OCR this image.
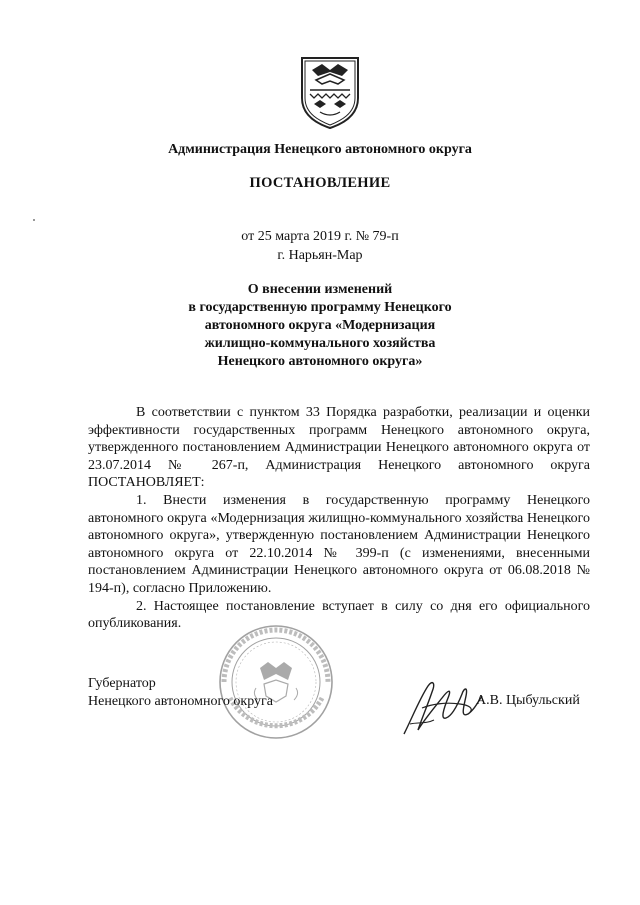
Администрация Ненецкого автономного округа
ПОСТАНОВЛЕНИЕ
от 25 марта 2019 г. № 79-п
г. Нарьян-Мар
О внесении изменений
в государственную программу Ненецкого
автономного округа «Модернизация
жилищно-коммунального хозяйства
Ненецкого автономного округа»

В соответствии с пунктом 33 Порядка разработки, реализации и оценки эффективности государственных программ Ненецкого автономного округа, утвержденного постановлением Администрации Ненецкого автономного округа от 23.07.2014 № 267-п, Администрация Ненецкого автономного округа ПОСТАНОВЛЯЕТ:

1. Внести изменения в государственную программу Ненецкого автономного округа «Модернизация жилищно-коммунального хозяйства Ненецкого автономного округа», утвержденную постановлением Администрации Ненецкого автономного округа от 22.10.2014 № 399-п (с изменениями, внесенными постановлением Администрации Ненецкого автономного округа от 06.08.2018 № 194-п), согласно Приложению.

2. Настоящее постановление вступает в силу со дня его официального опубликования.

Губернатор
Ненецкого автономного округа	А.В. Цыбульский
